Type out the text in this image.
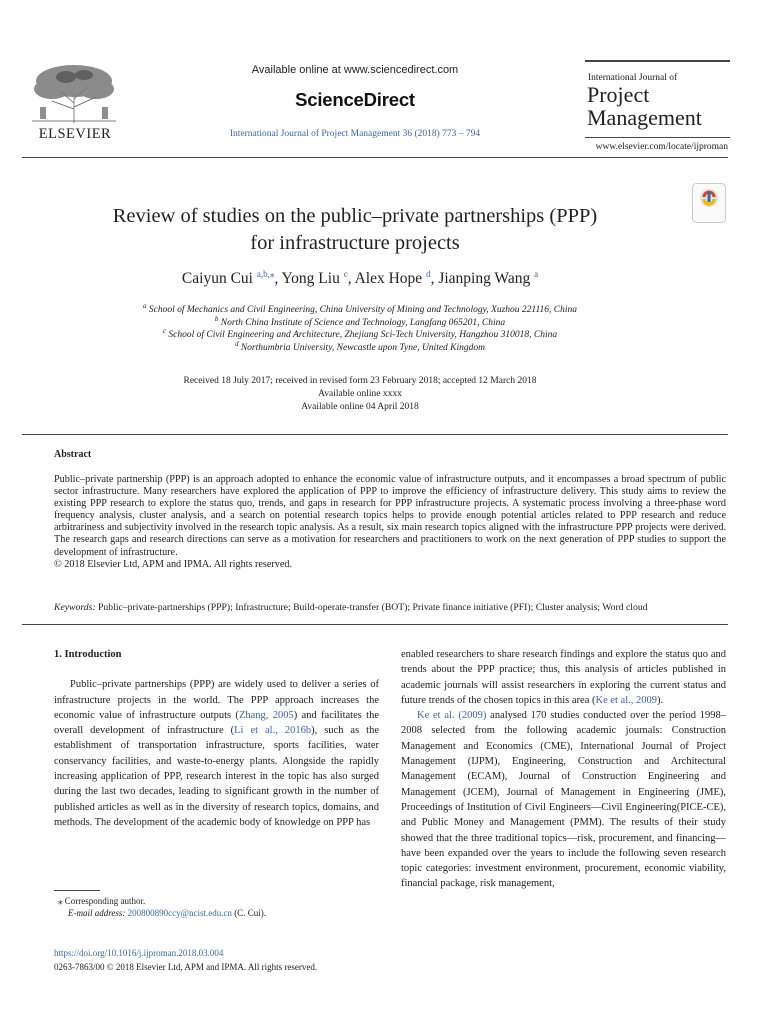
ELSEVIER
Available online at www.sciencedirect.com
ScienceDirect
International Journal of Project Management 36 (2018) 773 – 794
International Journal of
Project
Management
www.elsevier.com/locate/ijproman
Review of studies on the public–private partnerships (PPP)
for infrastructure projects
Caiyun Cui $^{a,b,⁎}$, Yong Liu $^c$, Alex Hope $^d$, Jianping Wang $^a$
$^a$ School of Mechanics and Civil Engineering, China University of Mining and Technology, Xuzhou 221116, China
$^b$ North China Institute of Science and Technology, Langfang 065201, China
$^c$ School of Civil Engineering and Architecture, Zhejiang Sci-Tech University, Hangzhou 310018, China
$^d$ Northumbria University, Newcastle upon Tyne, United Kingdom
Received 18 July 2017; received in revised form 23 February 2018; accepted 12 March 2018
Available online xxxx
Available online 04 April 2018
Abstract
Public–private partnership (PPP) is an approach adopted to enhance the economic value of infrastructure outputs, and it encompasses a broad spectrum of public sector infrastructure. Many researchers have explored the application of PPP to improve the efficiency of infrastructure delivery. This study aims to review the existing PPP research to explore the status quo, trends, and gaps in research for PPP infrastructure projects. A systematic process involving a three-phase word frequency analysis, cluster analysis, and a search on potential research topics helps to provide enough potential articles related to PPP research and reduce arbitrariness and subjectivity involved in the research topic analysis. As a result, six main research topics aligned with the infrastructure PPP projects were derived. The research gaps and research directions can serve as a motivation for researchers and practitioners to work on the next generation of PPP studies to support the development of infrastructure.
© 2018 Elsevier Ltd, APM and IPMA. All rights reserved.
Keywords: Public–private-partnerships (PPP); Infrastructure; Build-operate-transfer (BOT); Private finance initiative (PFI); Cluster analysis; Word cloud
1. Introduction

Public–private partnerships (PPP) are widely used to deliver a series of infrastructure projects in the world. The PPP approach increases the economic value of infrastructure outputs (Zhang, 2005) and facilitates the overall development of infrastructure (Li et al., 2016b), such as the establishment of transportation infrastructure, sports facilities, water conservancy facilities, and waste-to-energy plants. Alongside the rapidly increasing application of PPP, research interest in the topic has also surged during the last two decades, leading to significant growth in the number of published articles as well as in the diversity of research topics, domains, and methods. The development of the academic body of knowledge on PPP has

enabled researchers to share research findings and explore the status quo and trends about the PPP practice; thus, this analysis of articles published in academic journals will assist researchers in exploring the current status and future trends of the chosen topics in this area (Ke et al., 2009).

Ke et al. (2009) analysed 170 studies conducted over the period 1998–2008 selected from the following academic journals: Construction Management and Economics (CME), International Journal of Project Management (IJPM), Engineering, Construction and Architectural Management (ECAM), Journal of Construction Engineering and Management (JCEM), Journal of Management in Engineering (JME), Proceedings of Institution of Civil Engineers—Civil Engineering(PICE-CE), and Public Money and Management (PMM). The results of their study showed that the three traditional topics—risk, procurement, and financing—have been expanded over the years to include the following seven research topic categories: investment environment, procurement, economic viability, financial package, risk management,

⁎ Corresponding author.
E-mail address: 200800890ccy@ncist.edu.cn (C. Cui).
https://doi.org/10.1016/j.ijproman.2018.03.004
0263-7863/00 © 2018 Elsevier Ltd, APM and IPMA. All rights reserved.
